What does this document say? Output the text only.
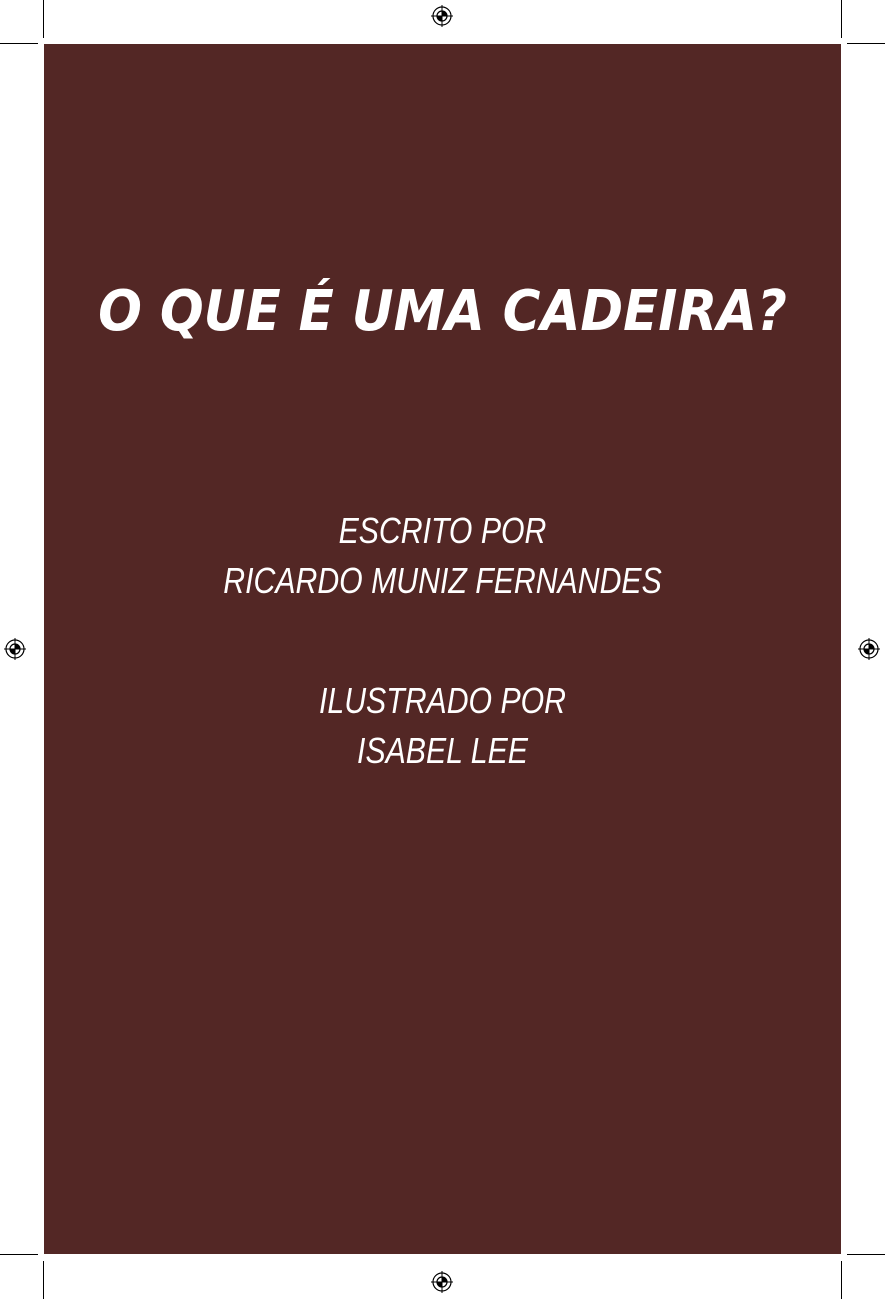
O QUE É UMA CADEIRA?
ESCRITO POR
RICARDO MUNIZ FERNANDES
ILUSTRADO POR
ISABEL LEE
